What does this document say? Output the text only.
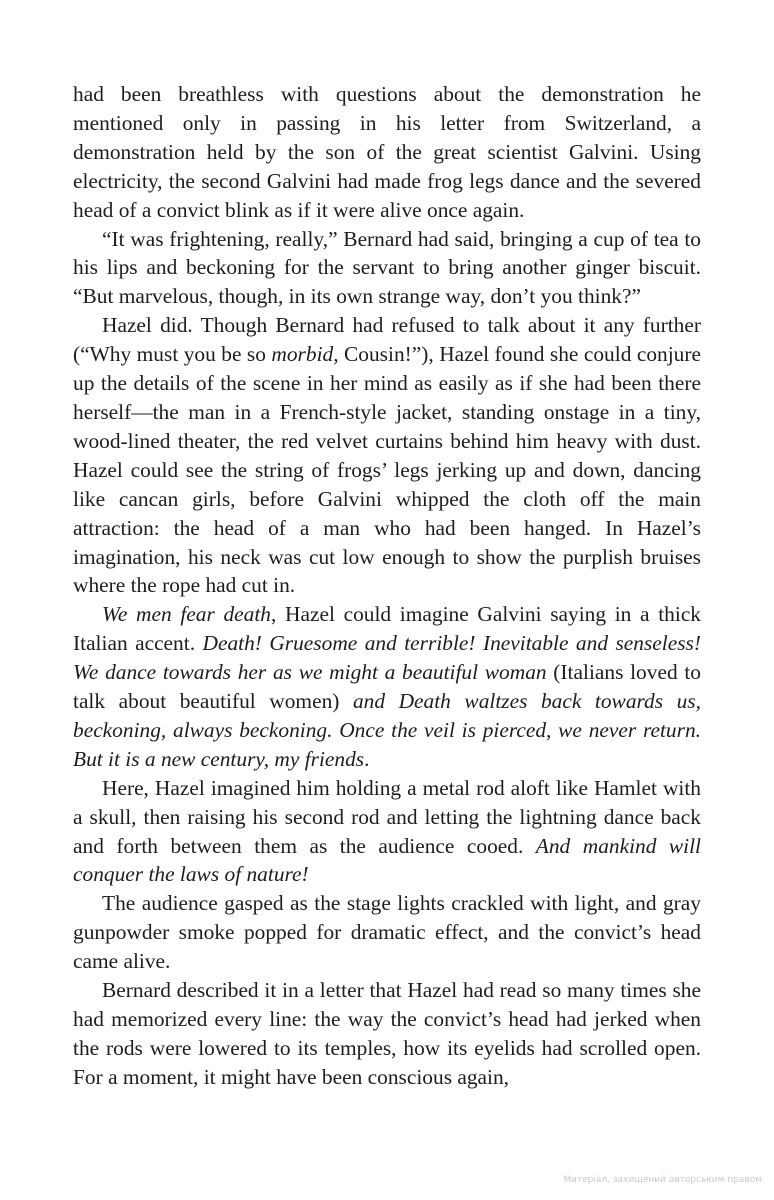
had been breathless with questions about the demonstration he mentioned only in passing in his letter from Switzerland, a demonstration held by the son of the great scientist Galvini. Using electricity, the second Galvini had made frog legs dance and the severed head of a convict blink as if it were alive once again.

“It was frightening, really,” Bernard had said, bringing a cup of tea to his lips and beckoning for the servant to bring another ginger biscuit. “But marvelous, though, in its own strange way, don’t you think?”

Hazel did. Though Bernard had refused to talk about it any further (“Why must you be so morbid, Cousin!”), Hazel found she could conjure up the details of the scene in her mind as easily as if she had been there herself—the man in a French-style jacket, standing onstage in a tiny, wood-lined theater, the red velvet curtains behind him heavy with dust. Hazel could see the string of frogs’ legs jerking up and down, dancing like cancan girls, before Galvini whipped the cloth off the main attraction: the head of a man who had been hanged. In Hazel’s imagination, his neck was cut low enough to show the purplish bruises where the rope had cut in.

We men fear death, Hazel could imagine Galvini saying in a thick Italian accent. Death! Gruesome and terrible! Inevitable and senseless! We dance towards her as we might a beautiful woman (Italians loved to talk about beautiful women) and Death waltzes back towards us, beckoning, always beckoning. Once the veil is pierced, we never return. But it is a new century, my friends.

Here, Hazel imagined him holding a metal rod aloft like Hamlet with a skull, then raising his second rod and letting the lightning dance back and forth between them as the audience cooed. And mankind will conquer the laws of nature!

The audience gasped as the stage lights crackled with light, and gray gunpowder smoke popped for dramatic effect, and the convict’s head came alive.

Bernard described it in a letter that Hazel had read so many times she had memorized every line: the way the convict’s head had jerked when the rods were lowered to its temples, how its eyelids had scrolled open. For a moment, it might have been conscious again,

Матеріал, захищений авторським правом
